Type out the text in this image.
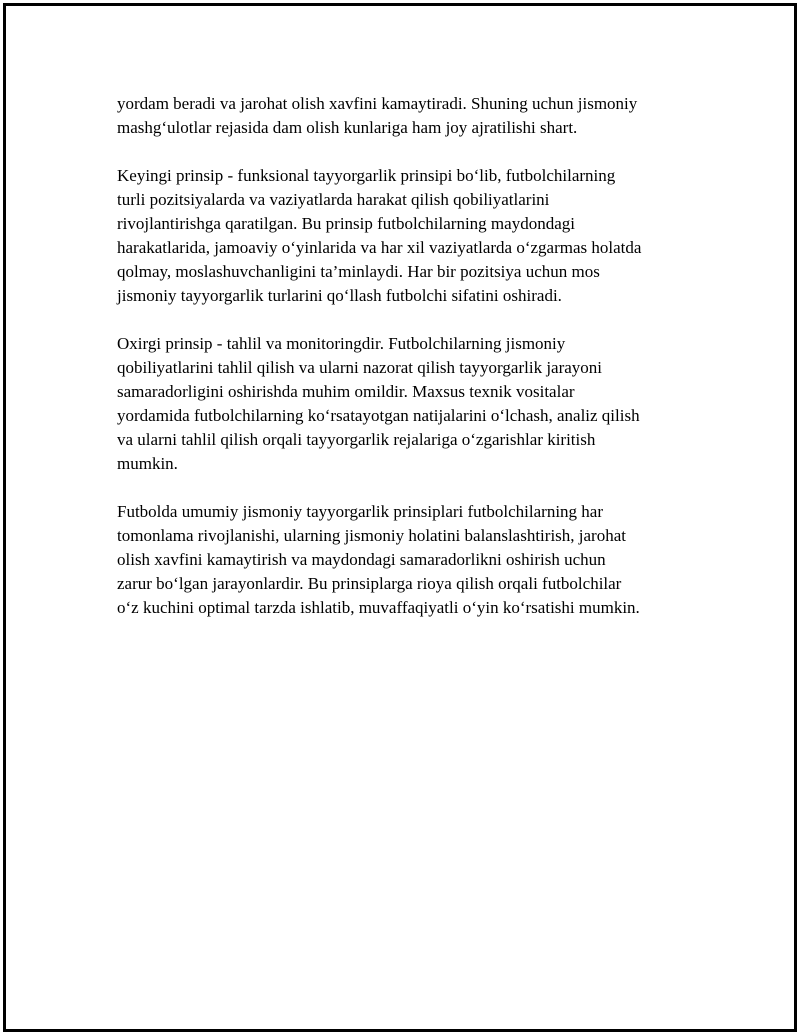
yordam beradi va jarohat olish xavfini kamaytiradi. Shuning uchun jismoniy
mashg‘ulotlar rejasida dam olish kunlariga ham joy ajratilishi shart.

Keyingi prinsip - funksional tayyorgarlik prinsipi bo‘lib, futbolchilarning
turli pozitsiyalarda va vaziyatlarda harakat qilish qobiliyatlarini
rivojlantirishga qaratilgan. Bu prinsip futbolchilarning maydondagi
harakatlarida, jamoaviy o‘yinlarida va har xil vaziyatlarda o‘zgarmas holatda
qolmay, moslashuvchanligini ta’minlaydi. Har bir pozitsiya uchun mos
jismoniy tayyorgarlik turlarini qo‘llash futbolchi sifatini oshiradi.

Oxirgi prinsip - tahlil va monitoringdir. Futbolchilarning jismoniy
qobiliyatlarini tahlil qilish va ularni nazorat qilish tayyorgarlik jarayoni
samaradorligini oshirishda muhim omildir. Maxsus texnik vositalar
yordamida futbolchilarning ko‘rsatayotgan natijalarini o‘lchash, analiz qilish
va ularni tahlil qilish orqali tayyorgarlik rejalariga o‘zgarishlar kiritish
mumkin.

Futbolda umumiy jismoniy tayyorgarlik prinsiplari futbolchilarning har
tomonlama rivojlanishi, ularning jismoniy holatini balanslashtirish, jarohat
olish xavfini kamaytirish va maydondagi samaradorlikni oshirish uchun
zarur bo‘lgan jarayonlardir. Bu prinsiplarga rioya qilish orqali futbolchilar
o‘z kuchini optimal tarzda ishlatib, muvaffaqiyatli o‘yin ko‘rsatishi mumkin.
